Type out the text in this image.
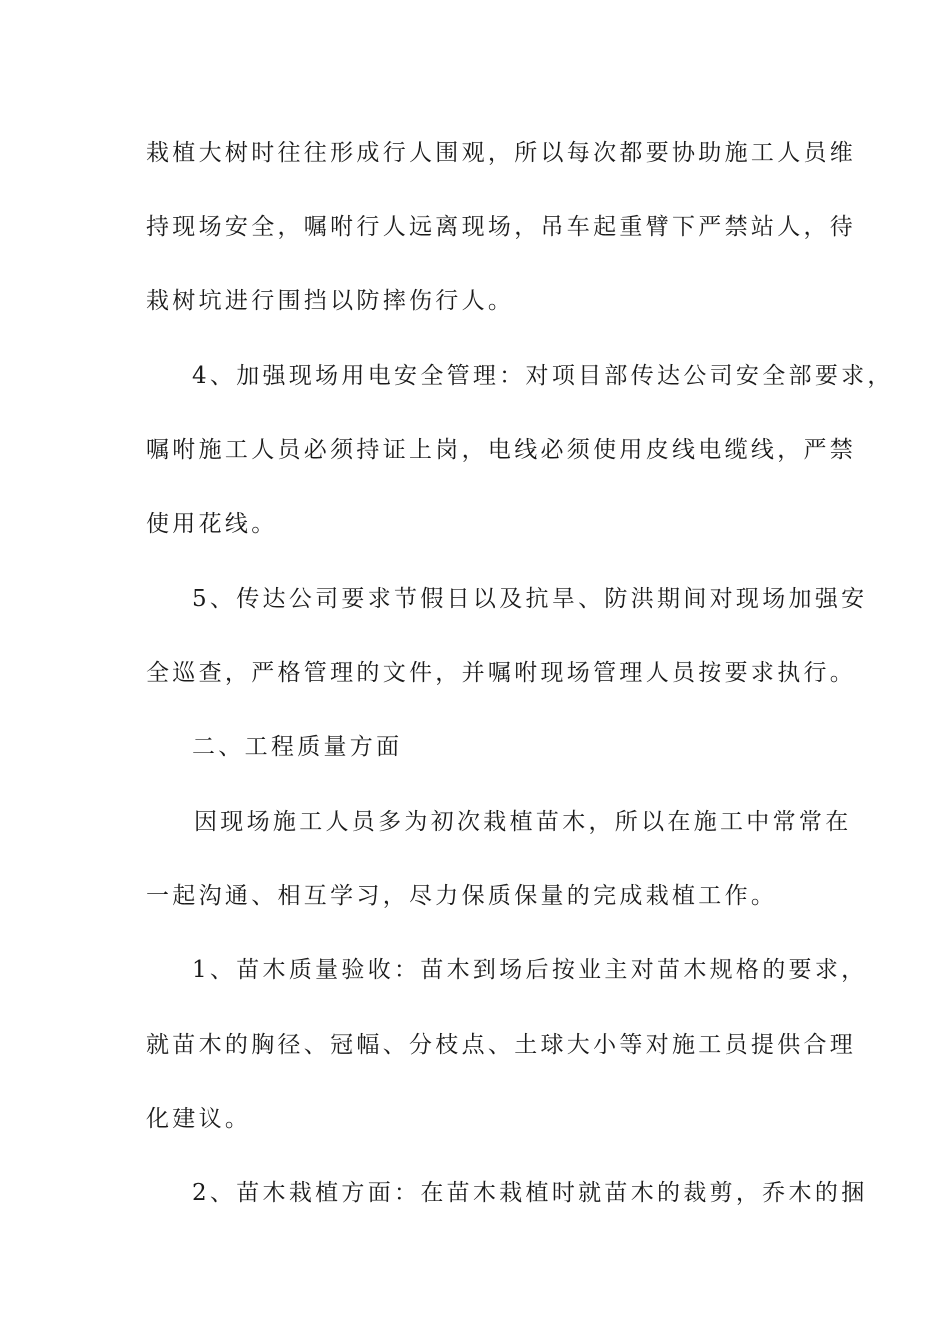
栽植大树时往往形成行人围观，所以每次都要协助施工人员维
持现场安全，嘱咐行人远离现场，吊车起重臂下严禁站人，待
栽树坑进行围挡以防摔伤行人。
4、加强现场用电安全管理：对项目部传达公司安全部要求，
嘱咐施工人员必须持证上岗，电线必须使用皮线电缆线，严禁
使用花线。
5、传达公司要求节假日以及抗旱、防洪期间对现场加强安
全巡查，严格管理的文件，并嘱咐现场管理人员按要求执行。
二、工程质量方面
因现场施工人员多为初次栽植苗木，所以在施工中常常在
一起沟通、相互学习，尽力保质保量的完成栽植工作。
1、苗木质量验收：苗木到场后按业主对苗木规格的要求，
就苗木的胸径、冠幅、分枝点、土球大小等对施工员提供合理
化建议。
2、苗木栽植方面：在苗木栽植时就苗木的裁剪，乔木的捆
